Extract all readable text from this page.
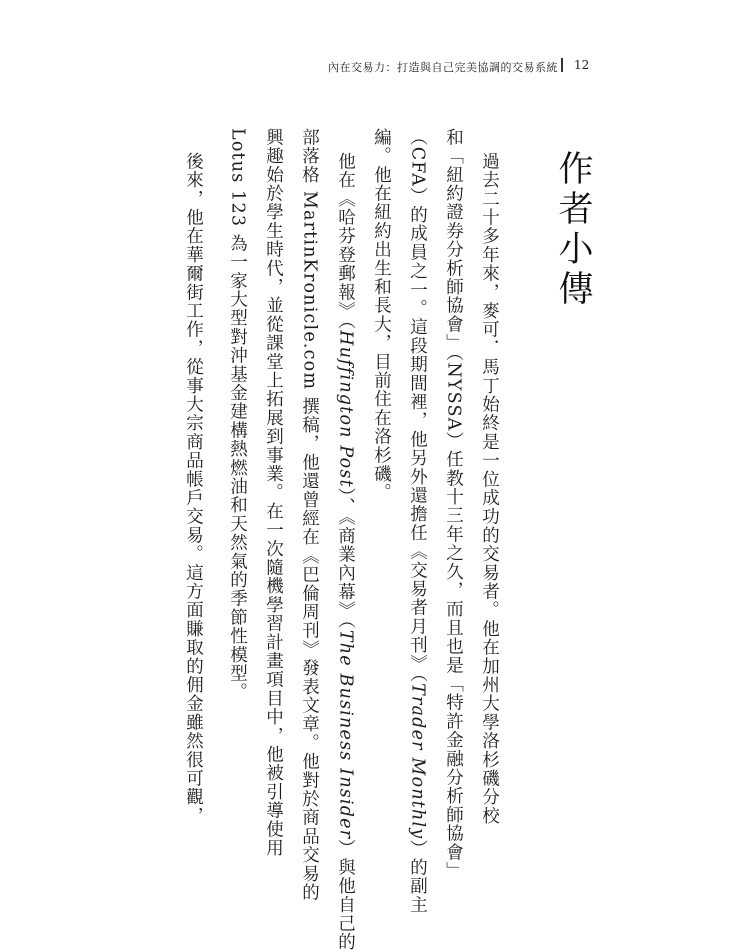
內在交易力：打造與自己完美協調的交易系統 12
作者小傳
過去二十多年來，麥可．馬丁始終是一位成功的交易者。他在加州大學洛杉磯分校
和「紐約證券分析師協會」（NYSSA）任教十三年之久，而且也是「特許金融分析師協會」
（CFA）的成員之一。這段期間裡，他另外還擔任《交易者月刊》（Trader Monthly）的副主
編。他在紐約出生和長大，目前住在洛杉磯。
他在《哈芬登郵報》（Huffington Post）、《商業內幕》（The Business Insider）與他自己的
部落格 MartinKronicle.com 撰稿，他還曾經在《巴倫周刊》發表文章。他對於商品交易的
興趣始於學生時代，並從課堂上拓展到事業。在一次隨機學習計畫項目中，他被引導使用
Lotus 123 為一家大型對沖基金建構熱燃油和天然氣的季節性模型。
後來，他在華爾街工作，從事大宗商品帳戶交易。這方面賺取的佣金雖然很可觀，
